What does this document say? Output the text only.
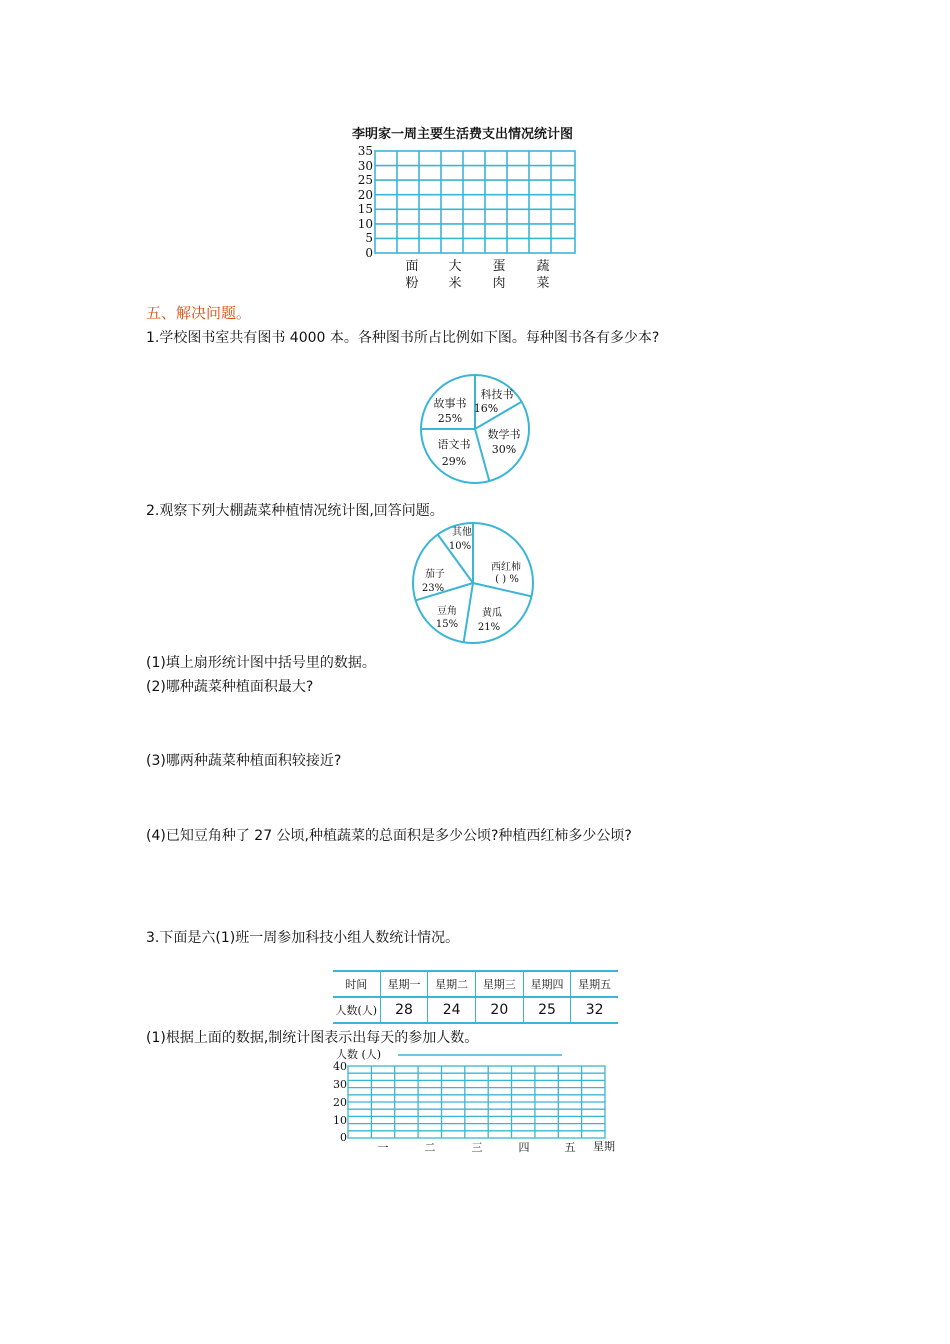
李明家一周主要生活费支出情况统计图
35
30
25
20
15
10
5
0
面
粉
大
米
蛋
肉
蔬
菜
五、解决问题。
1.学校图书室共有图书 4000 本。各种图书所占比例如下图。每种图书各有多少本?
故事书
25%
科技书
16%
数学书
30%
语文书
29%
2.观察下列大棚蔬菜种植情况统计图,回答问题。
其他
10%
西红柿
( ) %
黄瓜
21%
豆角
15%
茄子
23%
(1)填上扇形统计图中括号里的数据。
(2)哪种蔬菜种植面积最大?
(3)哪两种蔬菜种植面积较接近?
(4)已知豆角种了 27 公顷,种植蔬菜的总面积是多少公顷?种植西红柿多少公顷?
3.下面是六(1)班一周参加科技小组人数统计情况。
时间	星期一	星期二	星期三	星期四	星期五
人数(人)	28	24	20	25	32
(1)根据上面的数据,制统计图表示出每天的参加人数。
人数 (人)
40
30
20
10
0
一	二	三	四	五 星期
